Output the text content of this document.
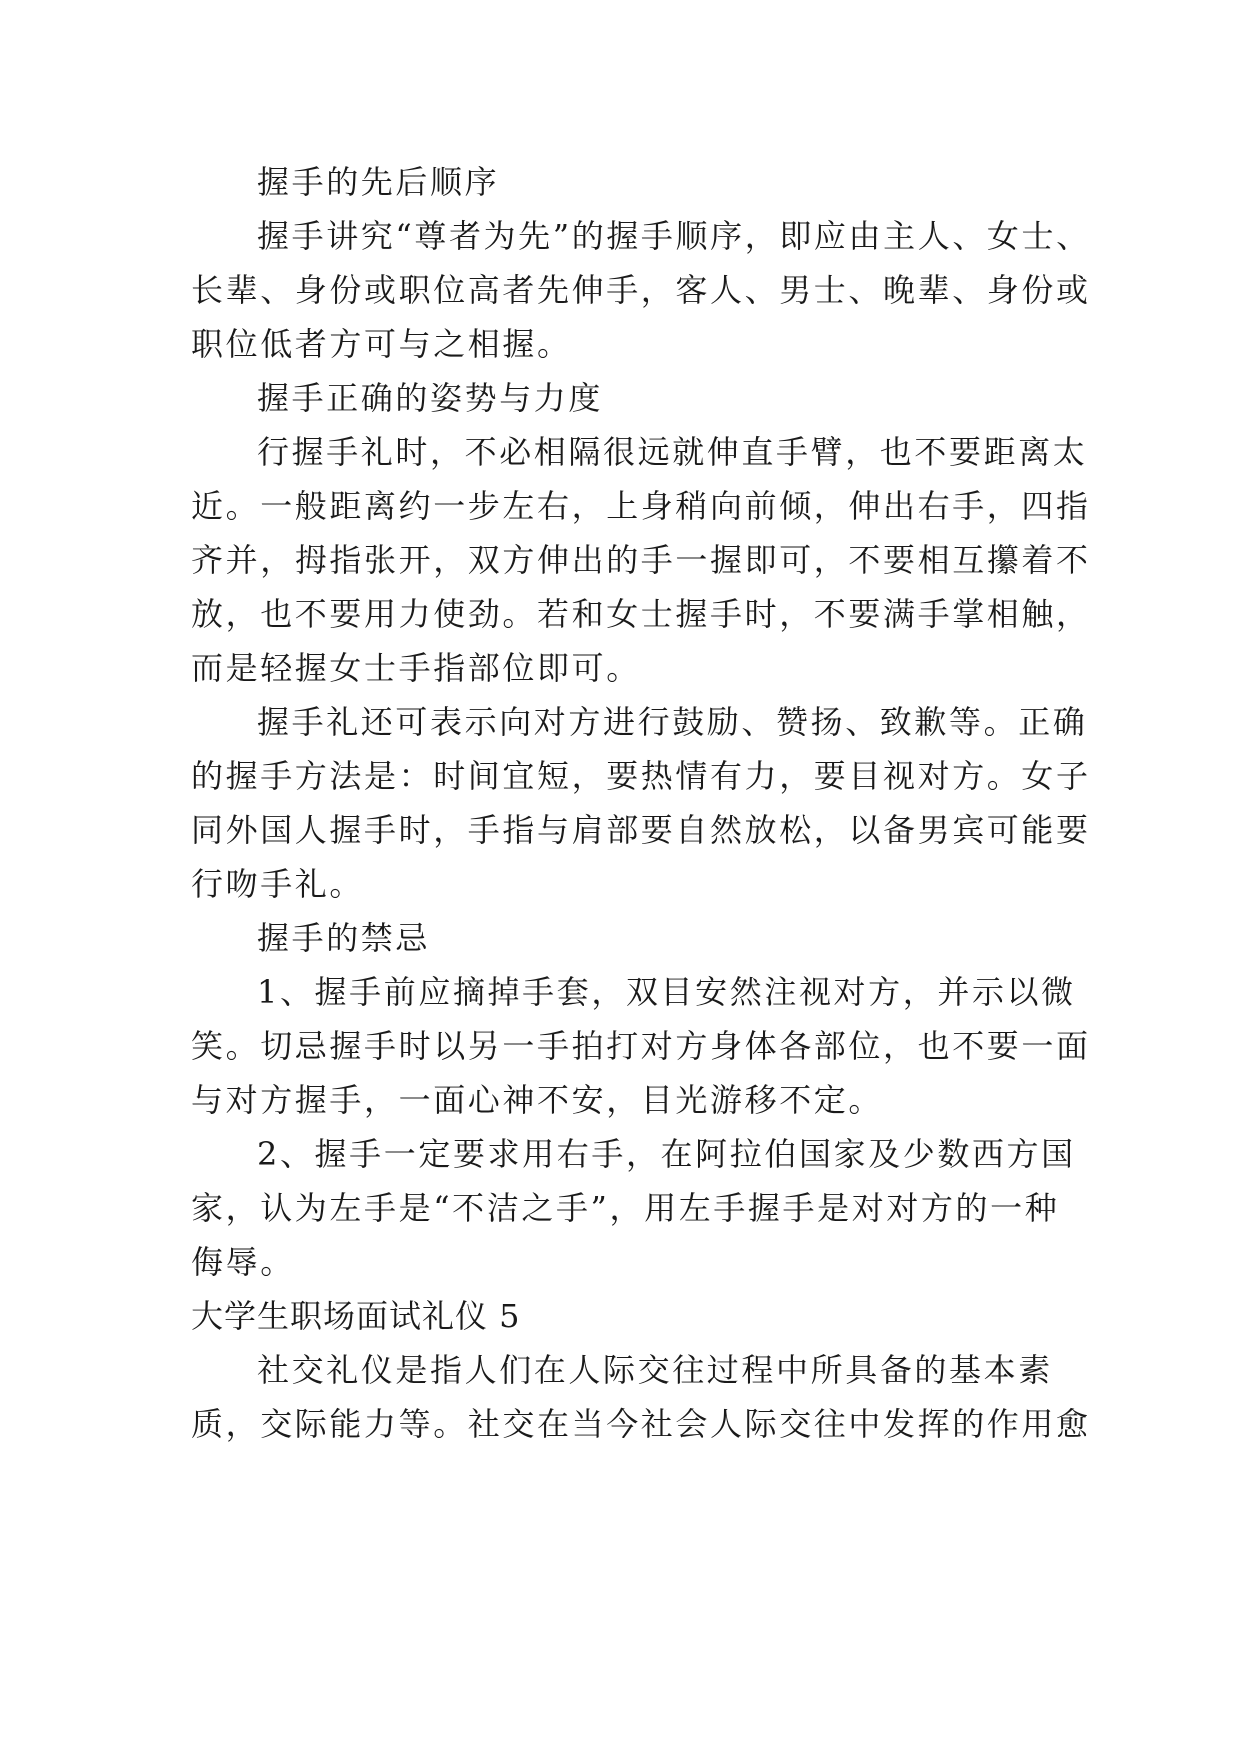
握手的先后顺序
握手讲究“尊者为先”的握手顺序，即应由主人、女士、
长辈、身份或职位高者先伸手，客人、男士、晚辈、身份或
职位低者方可与之相握。
握手正确的姿势与力度
行握手礼时，不必相隔很远就伸直手臂，也不要距离太
近。一般距离约一步左右，上身稍向前倾，伸出右手，四指
齐并，拇指张开，双方伸出的手一握即可，不要相互攥着不
放，也不要用力使劲。若和女士握手时，不要满手掌相触，
而是轻握女士手指部位即可。
握手礼还可表示向对方进行鼓励、赞扬、致歉等。正确
的握手方法是：时间宜短，要热情有力，要目视对方。女子
同外国人握手时，手指与肩部要自然放松，以备男宾可能要
行吻手礼。
握手的禁忌
1、握手前应摘掉手套，双目安然注视对方，并示以微
笑。切忌握手时以另一手拍打对方身体各部位，也不要一面
与对方握手，一面心神不安，目光游移不定。
2、握手一定要求用右手，在阿拉伯国家及少数西方国
家，认为左手是“不洁之手”，用左手握手是对对方的一种
侮辱。
大学生职场面试礼仪 5
社交礼仪是指人们在人际交往过程中所具备的基本素
质，交际能力等。社交在当今社会人际交往中发挥的作用愈
